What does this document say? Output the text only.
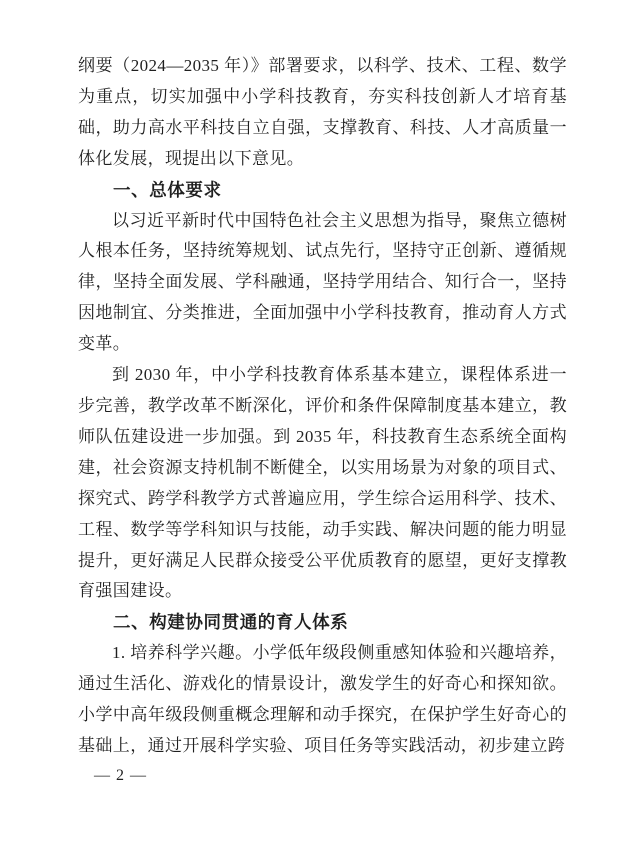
纲要（2024—2035 年）》部署要求，以科学、技术、工程、数学为重点，切实加强中小学科技教育，夯实科技创新人才培育基础，助力高水平科技自立自强，支撑教育、科技、人才高质量一体化发展，现提出以下意见。

一、总体要求

以习近平新时代中国特色社会主义思想为指导，聚焦立德树人根本任务，坚持统筹规划、试点先行，坚持守正创新、遵循规律，坚持全面发展、学科融通，坚持学用结合、知行合一，坚持因地制宜、分类推进，全面加强中小学科技教育，推动育人方式变革。

到 2030 年，中小学科技教育体系基本建立，课程体系进一步完善，教学改革不断深化，评价和条件保障制度基本建立，教师队伍建设进一步加强。到 2035 年，科技教育生态系统全面构建，社会资源支持机制不断健全，以实用场景为对象的项目式、探究式、跨学科教学方式普遍应用，学生综合运用科学、技术、工程、数学等学科知识与技能，动手实践、解决问题的能力明显提升，更好满足人民群众接受公平优质教育的愿望，更好支撑教育强国建设。

二、构建协同贯通的育人体系

1. 培养科学兴趣。小学低年级段侧重感知体验和兴趣培养，通过生活化、游戏化的情景设计，激发学生的好奇心和探知欲。小学中高年级段侧重概念理解和动手探究，在保护学生好奇心的基础上，通过开展科学实验、项目任务等实践活动，初步建立跨

— 2 —
